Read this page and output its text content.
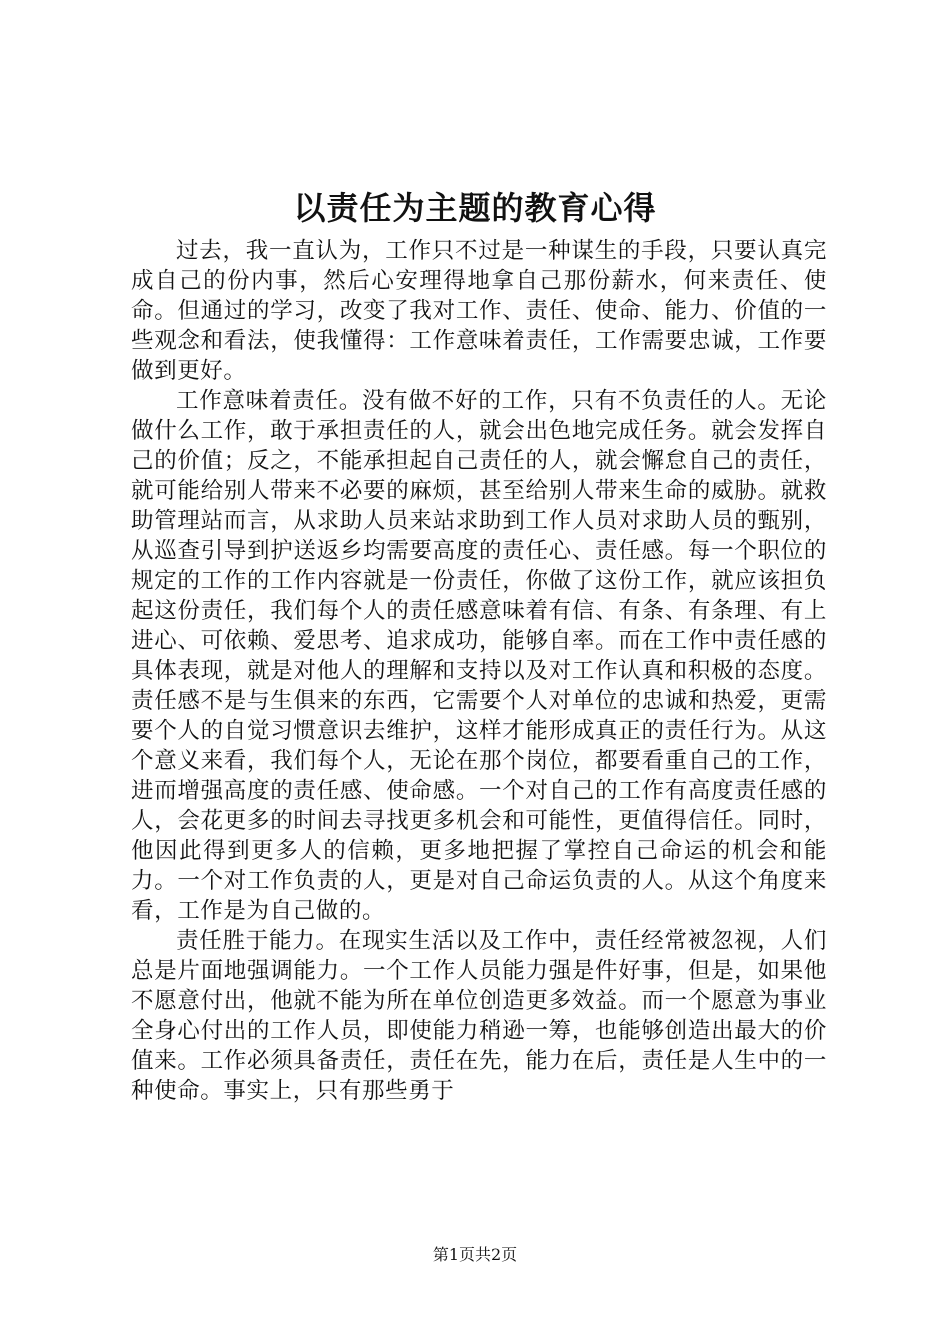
以责任为主题的教育心得

过去，我一直认为，工作只不过是一种谋生的手段，只要认真完成自己的份内事，然后心安理得地拿自己那份薪水，何来责任、使命。但通过的学习，改变了我对工作、责任、使命、能力、价值的一些观念和看法，使我懂得：工作意味着责任，工作需要忠诚，工作要做到更好。

工作意味着责任。没有做不好的工作，只有不负责任的人。无论做什么工作，敢于承担责任的人，就会出色地完成任务。就会发挥自己的价值；反之，不能承担起自己责任的人，就会懈怠自己的责任，就可能给别人带来不必要的麻烦，甚至给别人带来生命的威胁。就救助管理站而言，从求助人员来站求助到工作人员对求助人员的甄别，从巡查引导到护送返乡均需要高度的责任心、责任感。每一个职位的规定的工作的工作内容就是一份责任，你做了这份工作，就应该担负起这份责任，我们每个人的责任感意味着有信、有条、有条理、有上进心、可依赖、爱思考、追求成功，能够自率。而在工作中责任感的具体表现，就是对他人的理解和支持以及对工作认真和积极的态度。责任感不是与生俱来的东西，它需要个人对单位的忠诚和热爱，更需要个人的自觉习惯意识去维护，这样才能形成真正的责任行为。从这个意义来看，我们每个人，无论在那个岗位，都要看重自己的工作，进而增强高度的责任感、使命感。一个对自己的工作有高度责任感的人，会花更多的时间去寻找更多机会和可能性，更值得信任。同时，他因此得到更多人的信赖，更多地把握了掌控自己命运的机会和能力。一个对工作负责的人，更是对自己命运负责的人。从这个角度来看，工作是为自己做的。

责任胜于能力。在现实生活以及工作中，责任经常被忽视，人们总是片面地强调能力。一个工作人员能力强是件好事，但是，如果他不愿意付出，他就不能为所在单位创造更多效益。而一个愿意为事业全身心付出的工作人员，即使能力稍逊一筹，也能够创造出最大的价值来。工作必须具备责任，责任在先，能力在后，责任是人生中的一种使命。事实上，只有那些勇于

第1页共2页
